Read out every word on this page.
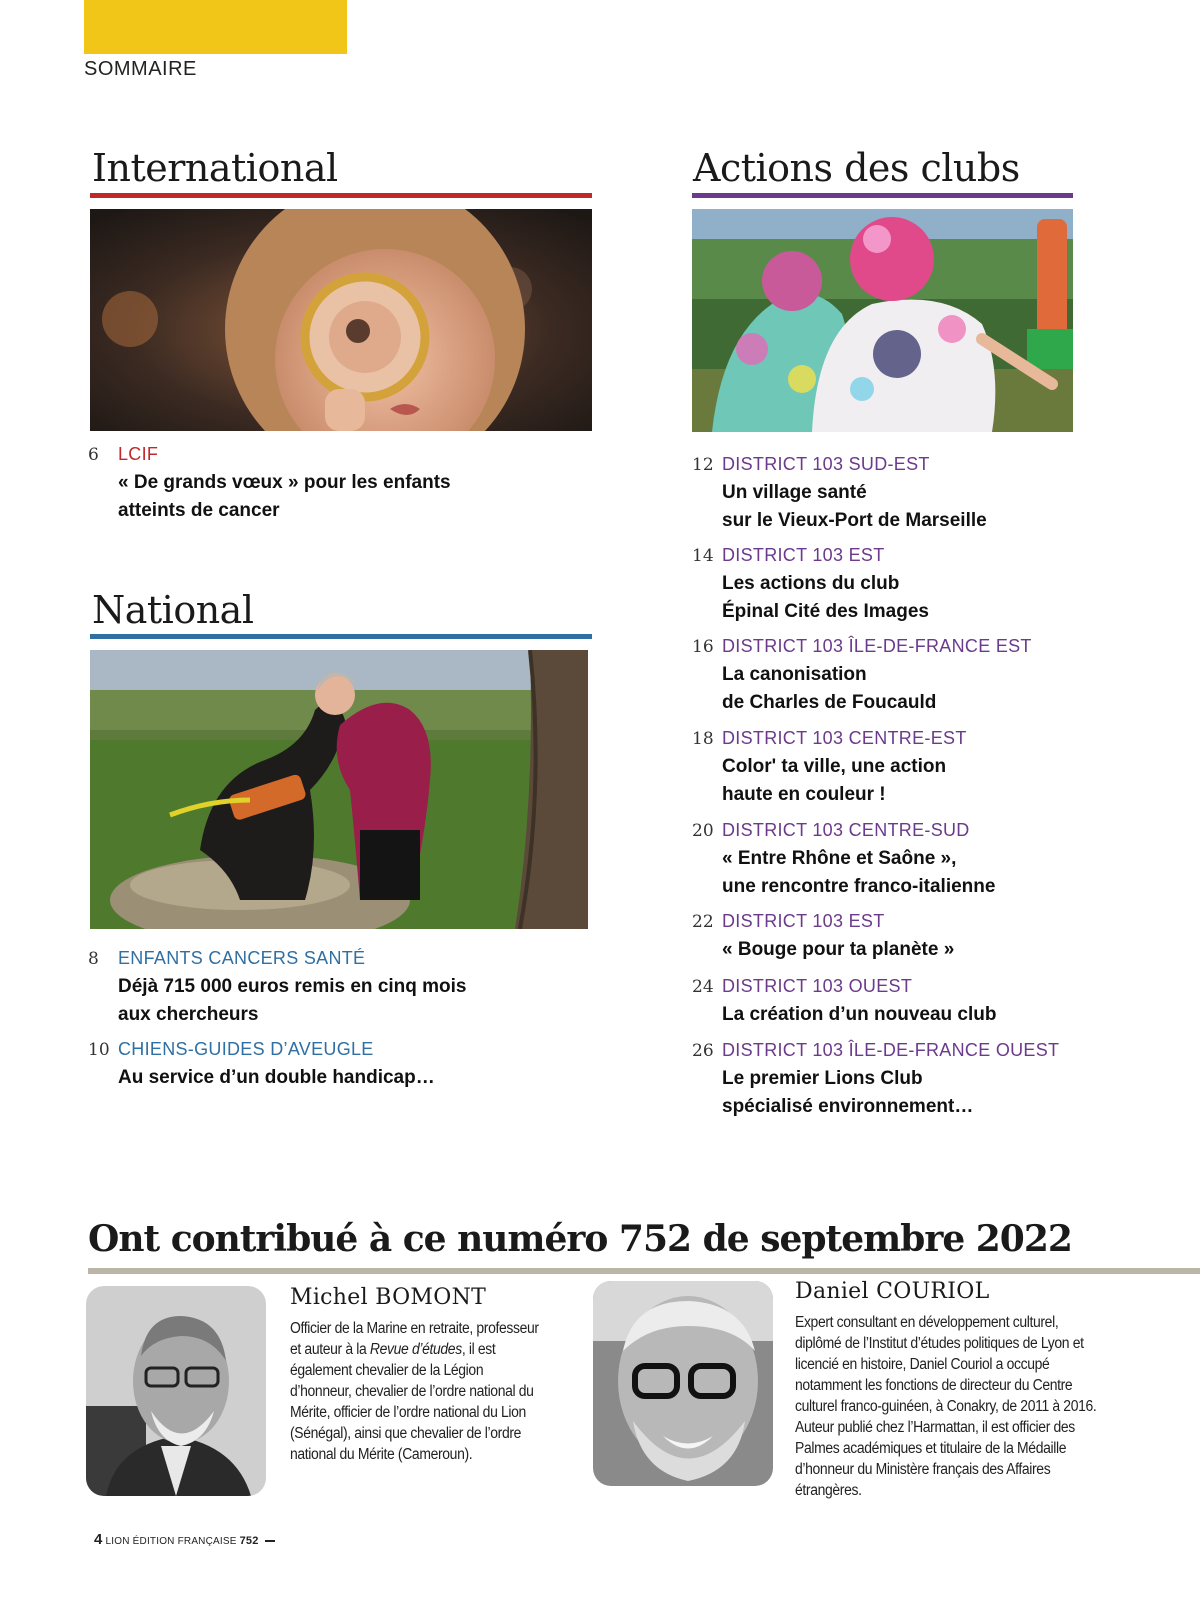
SOMMAIRE
International
6 LCIF
« De grands vœux » pour les enfants
atteints de cancer
National
8 ENFANTS CANCERS SANTÉ
Déjà 715 000 euros remis en cinq mois
aux chercheurs
10 CHIENS-GUIDES D’AVEUGLE
Au service d’un double handicap…
Actions des clubs
12 DISTRICT 103 SUD-EST
Un village santé
sur le Vieux-Port de Marseille
14 DISTRICT 103 EST
Les actions du club
Épinal Cité des Images
16 DISTRICT 103 ÎLE-DE-FRANCE EST
La canonisation
de Charles de Foucauld
18 DISTRICT 103 CENTRE-EST
Color' ta ville, une action
haute en couleur !
20 DISTRICT 103 CENTRE-SUD
« Entre Rhône et Saône »,
une rencontre franco-italienne
22 DISTRICT 103 EST
« Bouge pour ta planète »
24 DISTRICT 103 OUEST
La création d’un nouveau club
26 DISTRICT 103 ÎLE-DE-FRANCE OUEST
Le premier Lions Club
spécialisé environnement…
Ont contribué à ce numéro 752 de septembre 2022
Michel BOMONT
Officier de la Marine en retraite, professeur et auteur à la Revue d’études, il est également chevalier de la Légion d’honneur, chevalier de l’ordre national du Mérite, officier de l’ordre national du Lion (Sénégal), ainsi que chevalier de l’ordre national du Mérite (Cameroun).
Daniel COURIOL
Expert consultant en développement culturel, diplômé de l’Institut d’études politiques de Lyon et licencié en histoire, Daniel Couriol a occupé notamment les fonctions de directeur du Centre culturel franco-guinéen, à Conakry, de 2011 à 2016. Auteur publié chez l’Harmattan, il est officier des Palmes académiques et titulaire de la Médaille d’honneur du Ministère français des Affaires étrangères.
4 LION ÉDITION FRANÇAISE 752
